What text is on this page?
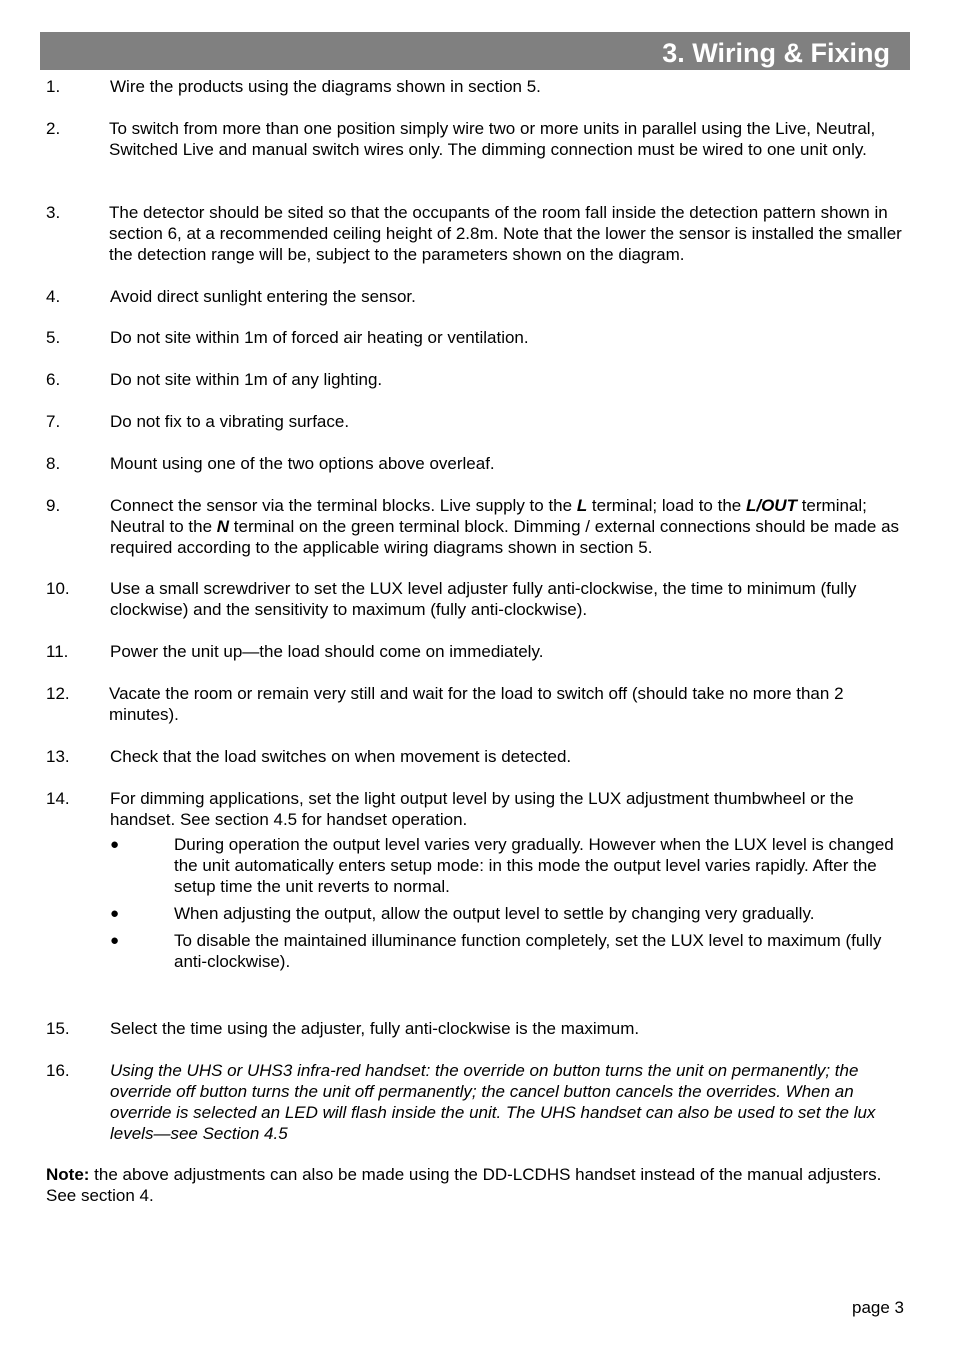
3. Wiring & Fixing
1.	Wire the products using the diagrams shown in section 5.
2.	To switch from more than one position simply wire two or more units in parallel using the Live, Neutral, Switched Live and manual switch wires only. The dimming connection must be wired to one unit only.
3.	The detector should be sited so that the occupants of the room fall inside the detection pattern shown in section 6, at a recommended ceiling height of 2.8m. Note that the lower the sensor is installed the smaller the detection range will be, subject to the parameters shown on the diagram.
4.	Avoid direct sunlight entering the sensor.
5.	Do not site within 1m of forced air heating or ventilation.
6.	Do not site within 1m of any lighting.
7.	Do not fix to a vibrating surface.
8.	Mount using one of the two options above overleaf.
9.	Connect the sensor via the terminal blocks. Live supply to the L terminal; load to the L/OUT terminal; Neutral to the N terminal on the green terminal block. Dimming / external connections should be made as required according to the applicable wiring diagrams shown in section 5.
10. Use a small screwdriver to set the LUX level adjuster fully anti-clockwise, the time to minimum (fully clockwise) and the sensitivity to maximum (fully anti-clockwise).
11. Power the unit up—the load should come on immediately.
12. Vacate the room or remain very still and wait for the load to switch off (should take no more than 2 minutes).
13. Check that the load switches on when movement is detected.
14. For dimming applications, set the light output level by using the LUX adjustment thumbwheel or the handset. See section 4.5 for handset operation.
●	During operation the output level varies very gradually. However when the LUX level is changed the unit automatically enters setup mode: in this mode the output level varies rapidly. After the setup time the unit reverts to normal.
●	When adjusting the output, allow the output level to settle by changing very gradually.
●	To disable the maintained illuminance function completely, set the LUX level to maximum (fully anti-clockwise).
15. Select the time using the adjuster, fully anti-clockwise is the maximum.
16. Using the UHS or UHS3 infra-red handset: the override on button turns the unit on permanently; the override off button turns the unit off permanently; the cancel button cancels the overrides. When an override is selected an LED will flash inside the unit. The UHS handset can also be used to set the lux levels—see Section 4.5
Note: the above adjustments can also be made using the DD-LCDHS handset instead of the manual adjusters. See section 4.
page 3
